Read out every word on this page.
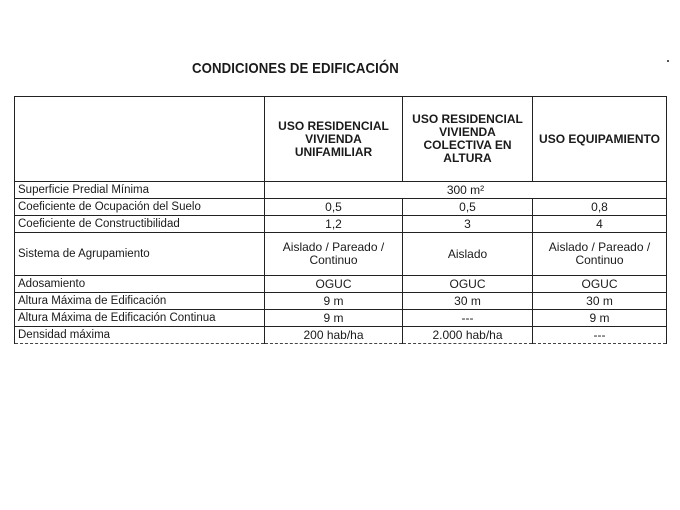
CONDICIONES DE EDIFICACIÓN
	USO RESIDENCIAL VIVIENDA UNIFAMILIAR	USO RESIDENCIAL VIVIENDA COLECTIVA EN ALTURA	USO EQUIPAMIENTO
Superficie Predial Mínima	300 m²		
Coeficiente de Ocupación del Suelo	0,5	0,5	0,8
Coeficiente de Constructibilidad	1,2	3	4
Sistema de Agrupamiento	Aislado / Pareado / Continuo	Aislado	Aislado / Pareado / Continuo
Adosamiento	OGUC	OGUC	OGUC
Altura Máxima de Edificación	9 m	30 m	30 m
Altura Máxima de Edificación Continua	9 m	---	9 m
Densidad máxima	200 hab/ha	2.000 hab/ha	---
